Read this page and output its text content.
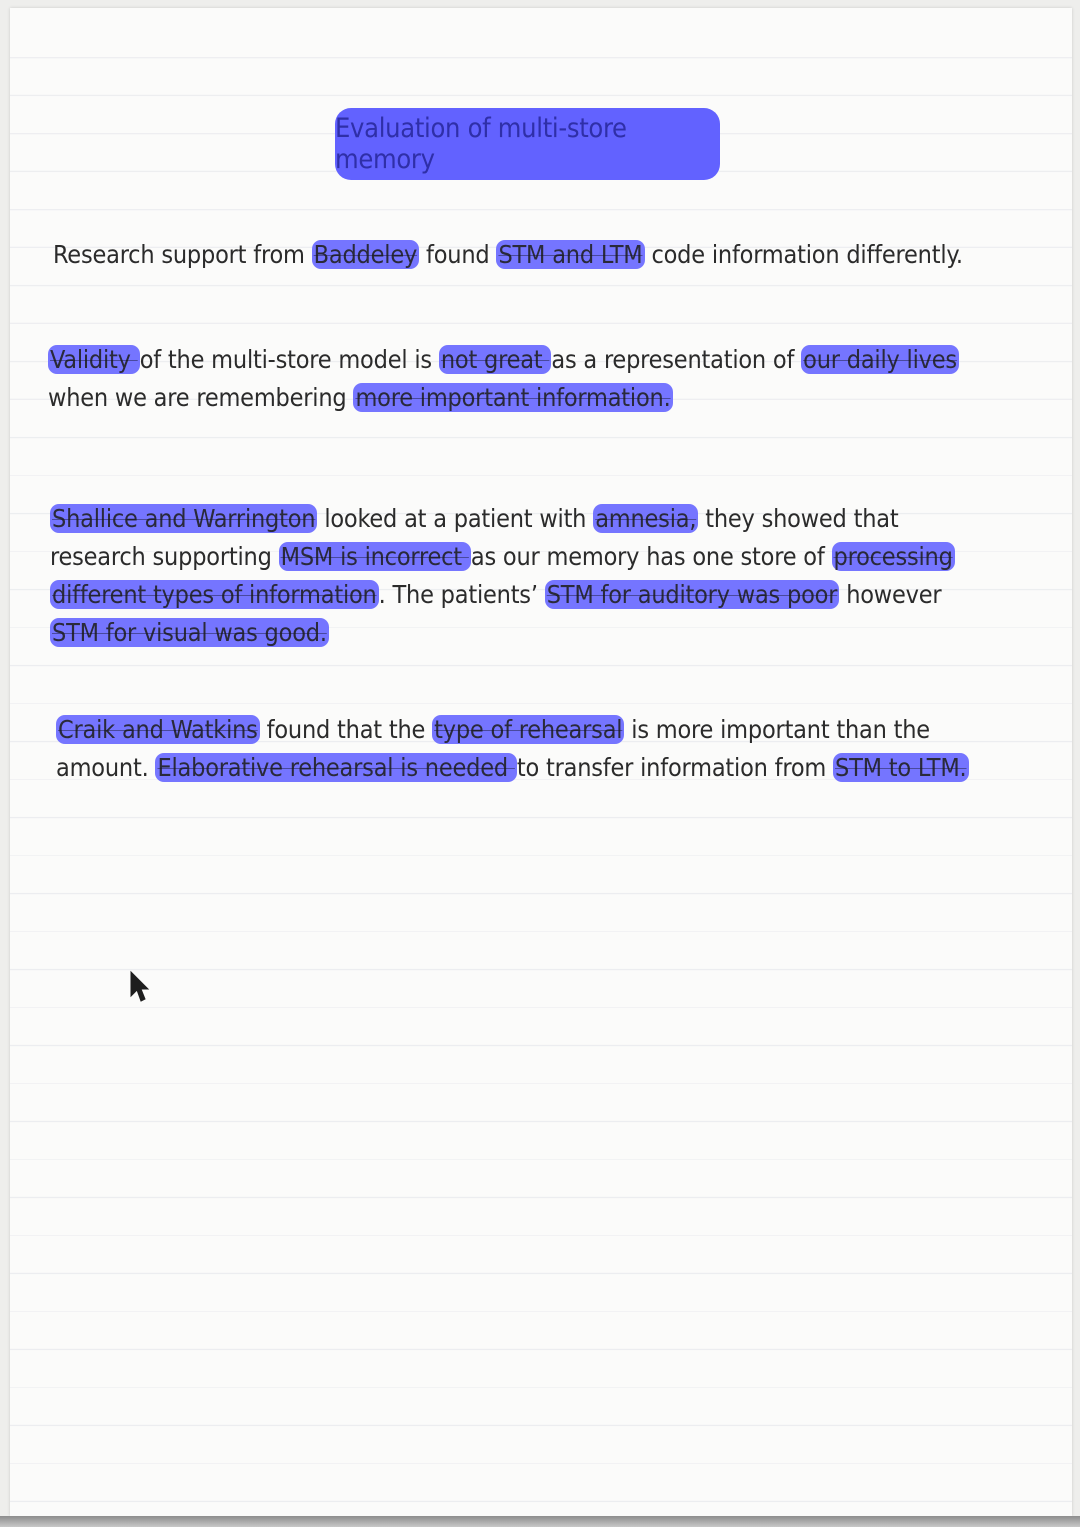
Evaluation of multi-store memory
Research support from Baddeley found STM and LTM code information differently.
Validity of the multi-store model is not great as a representation of our daily lives
when we are remembering more important information.
Shallice and Warrington looked at a patient with amnesia, they showed that
research supporting MSM is incorrect as our memory has one store of processing
different types of information. The patients’ STM for auditory was poor however
STM for visual was good.
Craik and Watkins found that the type of rehearsal is more important than the
amount. Elaborative rehearsal is needed to transfer information from STM to LTM.
